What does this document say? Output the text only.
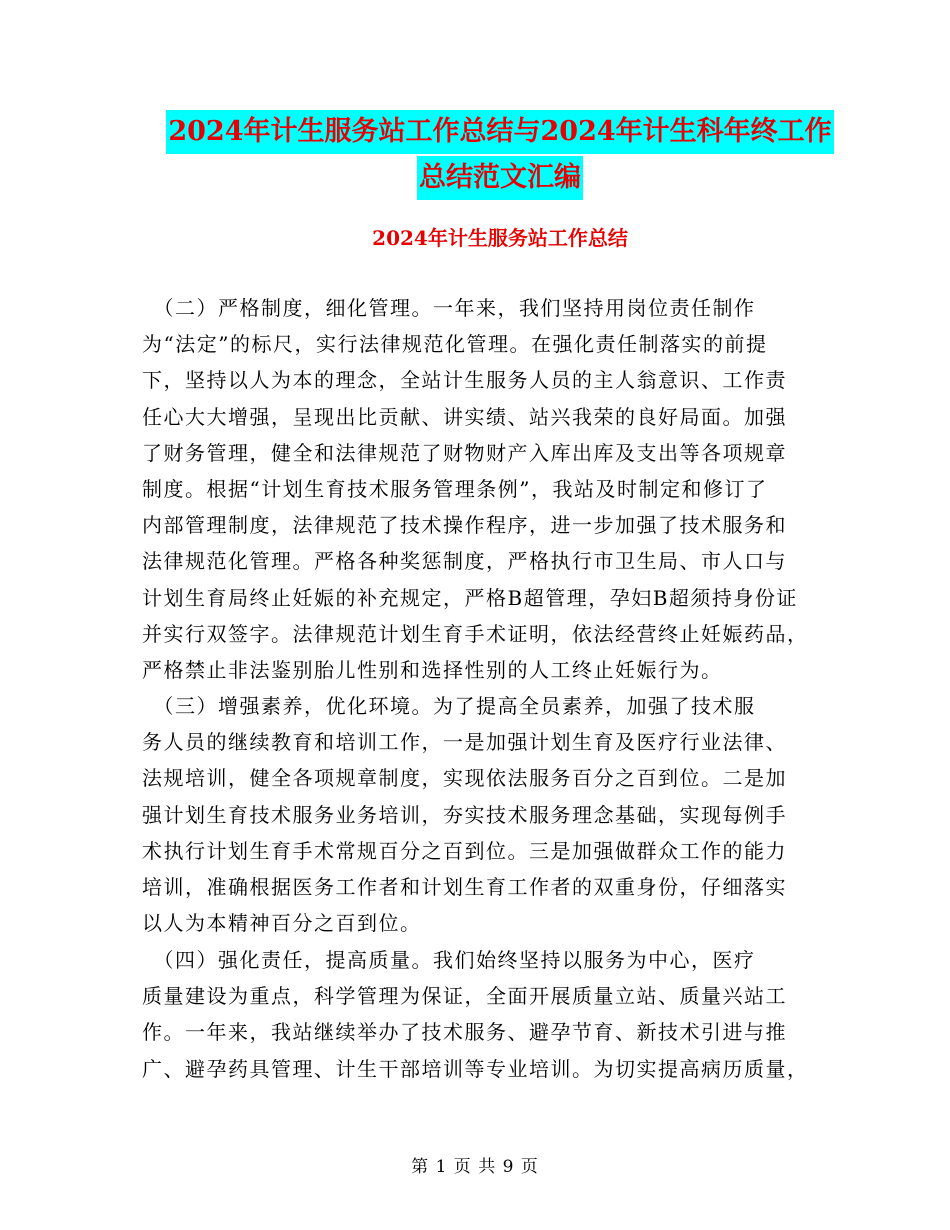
2024年计生服务站工作总结与2024年计生科年终工作
总结范文汇编
2024年计生服务站工作总结
　（二）严格制度，细化管理。一年来，我们坚持用岗位责任制作
为“法定”的标尺，实行法律规范化管理。在强化责任制落实的前提
下，坚持以人为本的理念，全站计生服务人员的主人翁意识、工作责
任心大大增强，呈现出比贡献、讲实绩、站兴我荣的良好局面。加强
了财务管理，健全和法律规范了财物财产入库出库及支出等各项规章
制度。根据“计划生育技术服务管理条例”，我站及时制定和修订了
内部管理制度，法律规范了技术操作程序，进一步加强了技术服务和
法律规范化管理。严格各种奖惩制度，严格执行市卫生局、市人口与
计划生育局终止妊娠的补充规定，严格B超管理，孕妇B超须持身份证
并实行双签字。法律规范计划生育手术证明，依法经营终止妊娠药品，
严格禁止非法鉴别胎儿性别和选择性别的人工终止妊娠行为。
　（三）增强素养，优化环境。为了提高全员素养，加强了技术服
务人员的继续教育和培训工作，一是加强计划生育及医疗行业法律、
法规培训，健全各项规章制度，实现依法服务百分之百到位。二是加
强计划生育技术服务业务培训，夯实技术服务理念基础，实现每例手
术执行计划生育手术常规百分之百到位。三是加强做群众工作的能力
培训，准确根据医务工作者和计划生育工作者的双重身份，仔细落实
以人为本精神百分之百到位。
　（四）强化责任，提高质量。我们始终坚持以服务为中心，医疗
质量建设为重点，科学管理为保证，全面开展质量立站、质量兴站工
作。一年来，我站继续举办了技术服务、避孕节育、新技术引进与推
广、避孕药具管理、计生干部培训等专业培训。为切实提高病历质量，
第 1 页 共 9 页
